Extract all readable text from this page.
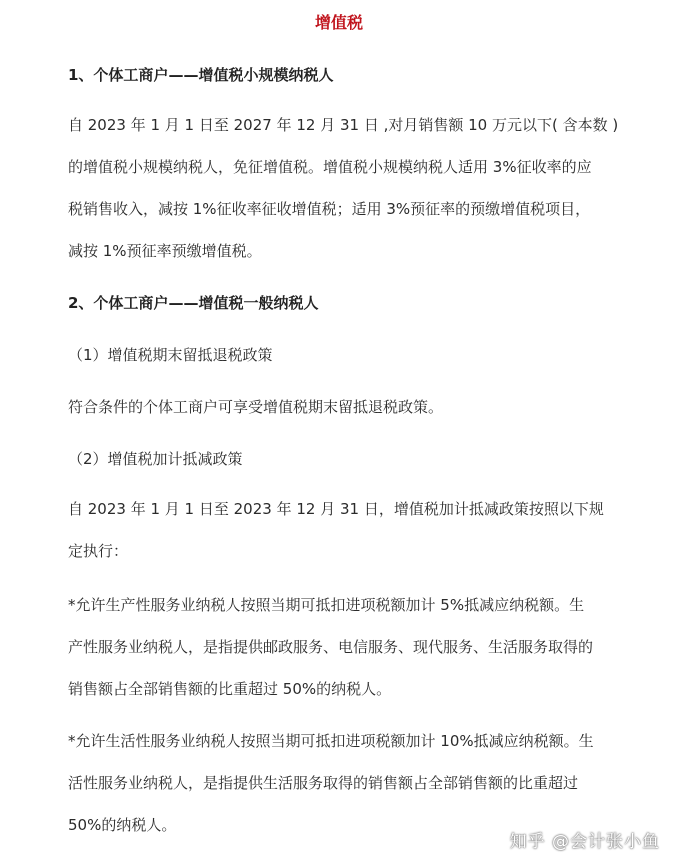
增值税
1、个体工商户——增值税小规模纳税人
自 2023 年 1 月 1 日至 2027 年 12 月 31 日 ,对月销售额 10 万元以下( 含本数 )
的增值税小规模纳税人，免征增值税。增值税小规模纳税人适用 3%征收率的应
税销售收入，减按 1%征收率征收增值税；适用 3%预征率的预缴增值税项目，
减按 1%预征率预缴增值税。
2、个体工商户——增值税一般纳税人
（1）增值税期末留抵退税政策
符合条件的个体工商户可享受增值税期末留抵退税政策。
（2）增值税加计抵减政策
自 2023 年 1 月 1 日至 2023 年 12 月 31 日，增值税加计抵减政策按照以下规
定执行：
*允许生产性服务业纳税人按照当期可抵扣进项税额加计 5%抵减应纳税额。生
产性服务业纳税人，是指提供邮政服务、电信服务、现代服务、生活服务取得的
销售额占全部销售额的比重超过 50%的纳税人。
*允许生活性服务业纳税人按照当期可抵扣进项税额加计 10%抵减应纳税额。生
活性服务业纳税人，是指提供生活服务取得的销售额占全部销售额的比重超过
50%的纳税人。
知乎 @会计张小鱼
